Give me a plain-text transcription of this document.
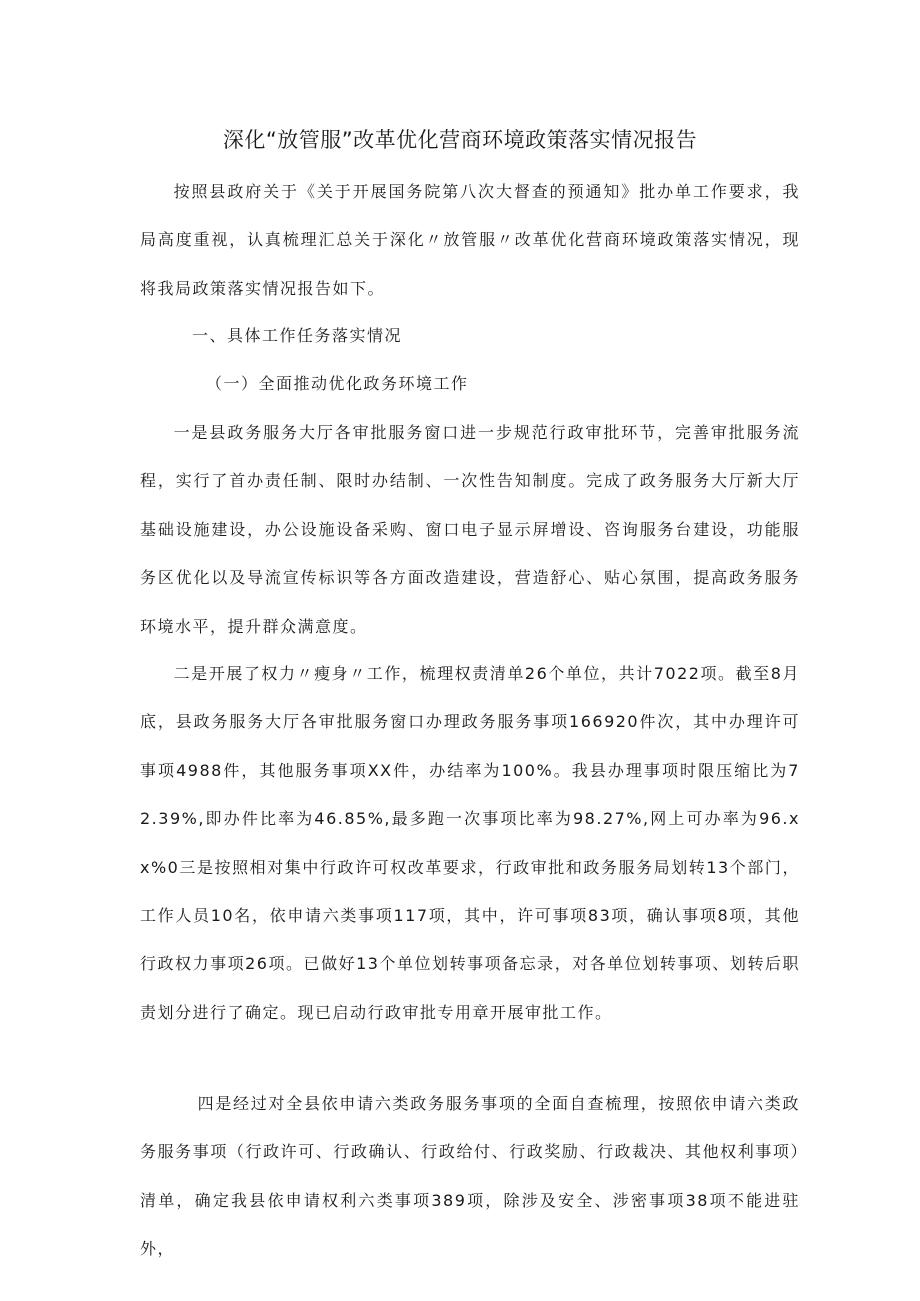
深化“放管服”改革优化营商环境政策落实情况报告

按照县政府关于《关于开展国务院第八次大督查的预通知》批办单工作要求，我局高度重视，认真梳理汇总关于深化〃放管服〃改革优化营商环境政策落实情况，现将我局政策落实情况报告如下。

一、具体工作任务落实情况

（一）全面推动优化政务环境工作

一是县政务服务大厅各审批服务窗口进一步规范行政审批环节，完善审批服务流程，实行了首办责任制、限时办结制、一次性告知制度。完成了政务服务大厅新大厅基础设施建设，办公设施设备采购、窗口电子显示屏增设、咨询服务台建设，功能服务区优化以及导流宣传标识等各方面改造建设，营造舒心、贴心氛围，提高政务服务环境水平，提升群众满意度。

二是开展了权力〃瘦身〃工作，梳理权责清单26个单位，共计7022项。截至8月底，县政务服务大厅各审批服务窗口办理政务服务事项166920件次，其中办理许可事项4988件，其他服务事项XX件，办结率为100%。我县办理事项时限压缩比为72.39%,即办件比率为46.85%,最多跑一次事项比率为98.27%,网上可办率为96.xx%0三是按照相对集中行政许可权改革要求，行政审批和政务服务局划转13个部门，工作人员10名，依申请六类事项117项，其中，许可事项83项，确认事项8项，其他行政权力事项26项。已做好13个单位划转事项备忘录，对各单位划转事项、划转后职责划分进行了确定。现已启动行政审批专用章开展审批工作。

四是经过对全县依申请六类政务服务事项的全面自查梳理，按照依申请六类政务服务事项（行政许可、行政确认、行政给付、行政奖励、行政裁决、其他权利事项）清单，确定我县依申请权利六类事项389项，除涉及安全、涉密事项38项不能进驻外，
